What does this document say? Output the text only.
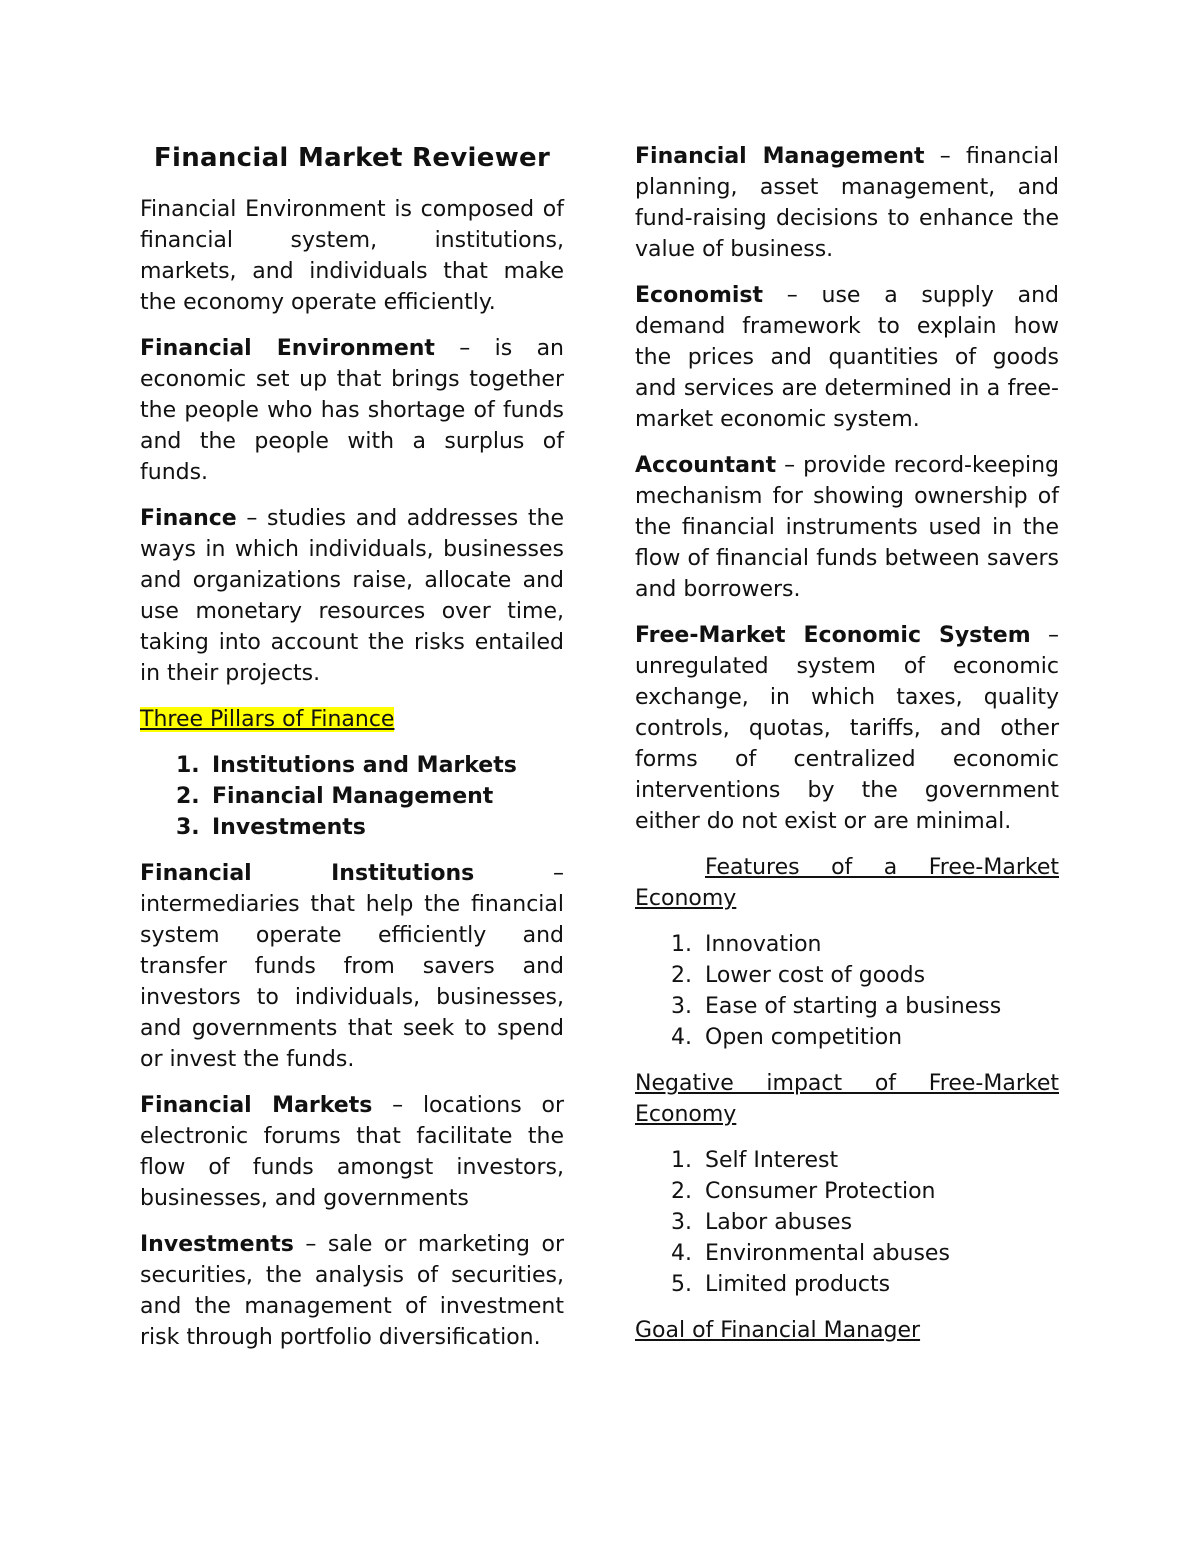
Financial Market Reviewer

Financial Environment is composed of financial system, institutions, markets, and individuals that make the economy operate efficiently.

Financial Environment – is an economic set up that brings together the people who has shortage of funds and the people with a surplus of funds.

Finance – studies and addresses the ways in which individuals, businesses and organizations raise, allocate and use monetary resources over time, taking into account the risks entailed in their projects.

Three Pillars of Finance

1. Institutions and Markets
2. Financial Management
3. Investments

Financial Institutions – intermediaries that help the financial system operate efficiently and transfer funds from savers and investors to individuals, businesses, and governments that seek to spend or invest the funds.

Financial Markets – locations or electronic forums that facilitate the flow of funds amongst investors, businesses, and governments

Investments – sale or marketing or securities, the analysis of securities, and the management of investment risk through portfolio diversification.

Financial Management – financial planning, asset management, and fund-raising decisions to enhance the value of business.

Economist – use a supply and demand framework to explain how the prices and quantities of goods and services are determined in a free-market economic system.

Accountant – provide record-keeping mechanism for showing ownership of the financial instruments used in the flow of financial funds between savers and borrowers.

Free-Market Economic System – unregulated system of economic exchange, in which taxes, quality controls, quotas, tariffs, and other forms of centralized economic interventions by the government either do not exist or are minimal.

Features of a Free-Market Economy

1. Innovation
2. Lower cost of goods
3. Ease of starting a business
4. Open competition

Negative impact of Free-Market Economy

1. Self Interest
2. Consumer Protection
3. Labor abuses
4. Environmental abuses
5. Limited products

Goal of Financial Manager
